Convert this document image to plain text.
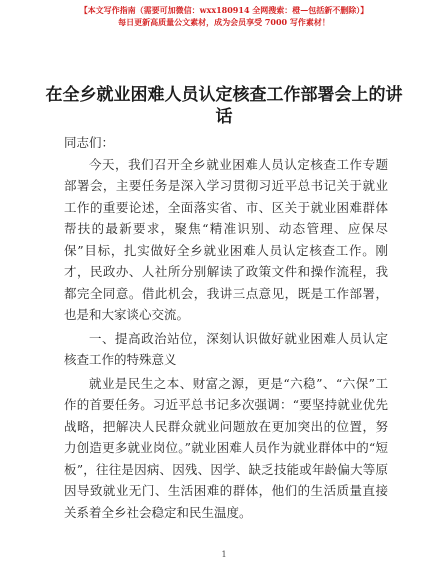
【本文写作指南（需要可加微信：wxx180914 全网搜索：橙—包括新不删除）】
每日更新高质量公文素材，成为会员享受 7000 写作素材！
在全乡就业困难人员认定核查工作部署会上的讲话

同志们：

今天，我们召开全乡就业困难人员认定核查工作专题部署会，主要任务是深入学习贯彻习近平总书记关于就业工作的重要论述，全面落实省、市、区关于就业困难群体帮扶的最新要求，聚焦“精准识别、动态管理、应保尽保”目标，扎实做好全乡就业困难人员认定核查工作。刚才，民政办、人社所分别解读了政策文件和操作流程，我都完全同意。借此机会，我讲三点意见，既是工作部署，也是和大家谈心交流。

一、提高政治站位，深刻认识做好就业困难人员认定核查工作的特殊意义

就业是民生之本、财富之源，更是“六稳”、“六保”工作的首要任务。习近平总书记多次强调：“要坚持就业优先战略，把解决人民群众就业问题放在更加突出的位置，努力创造更多就业岗位。”就业困难人员作为就业群体中的“短板”，往往是因病、因残、因学、缺乏技能或年龄偏大等原因导致就业无门、生活困难的群体，他们的生活质量直接关系着全乡社会稳定和民生温度。

1
